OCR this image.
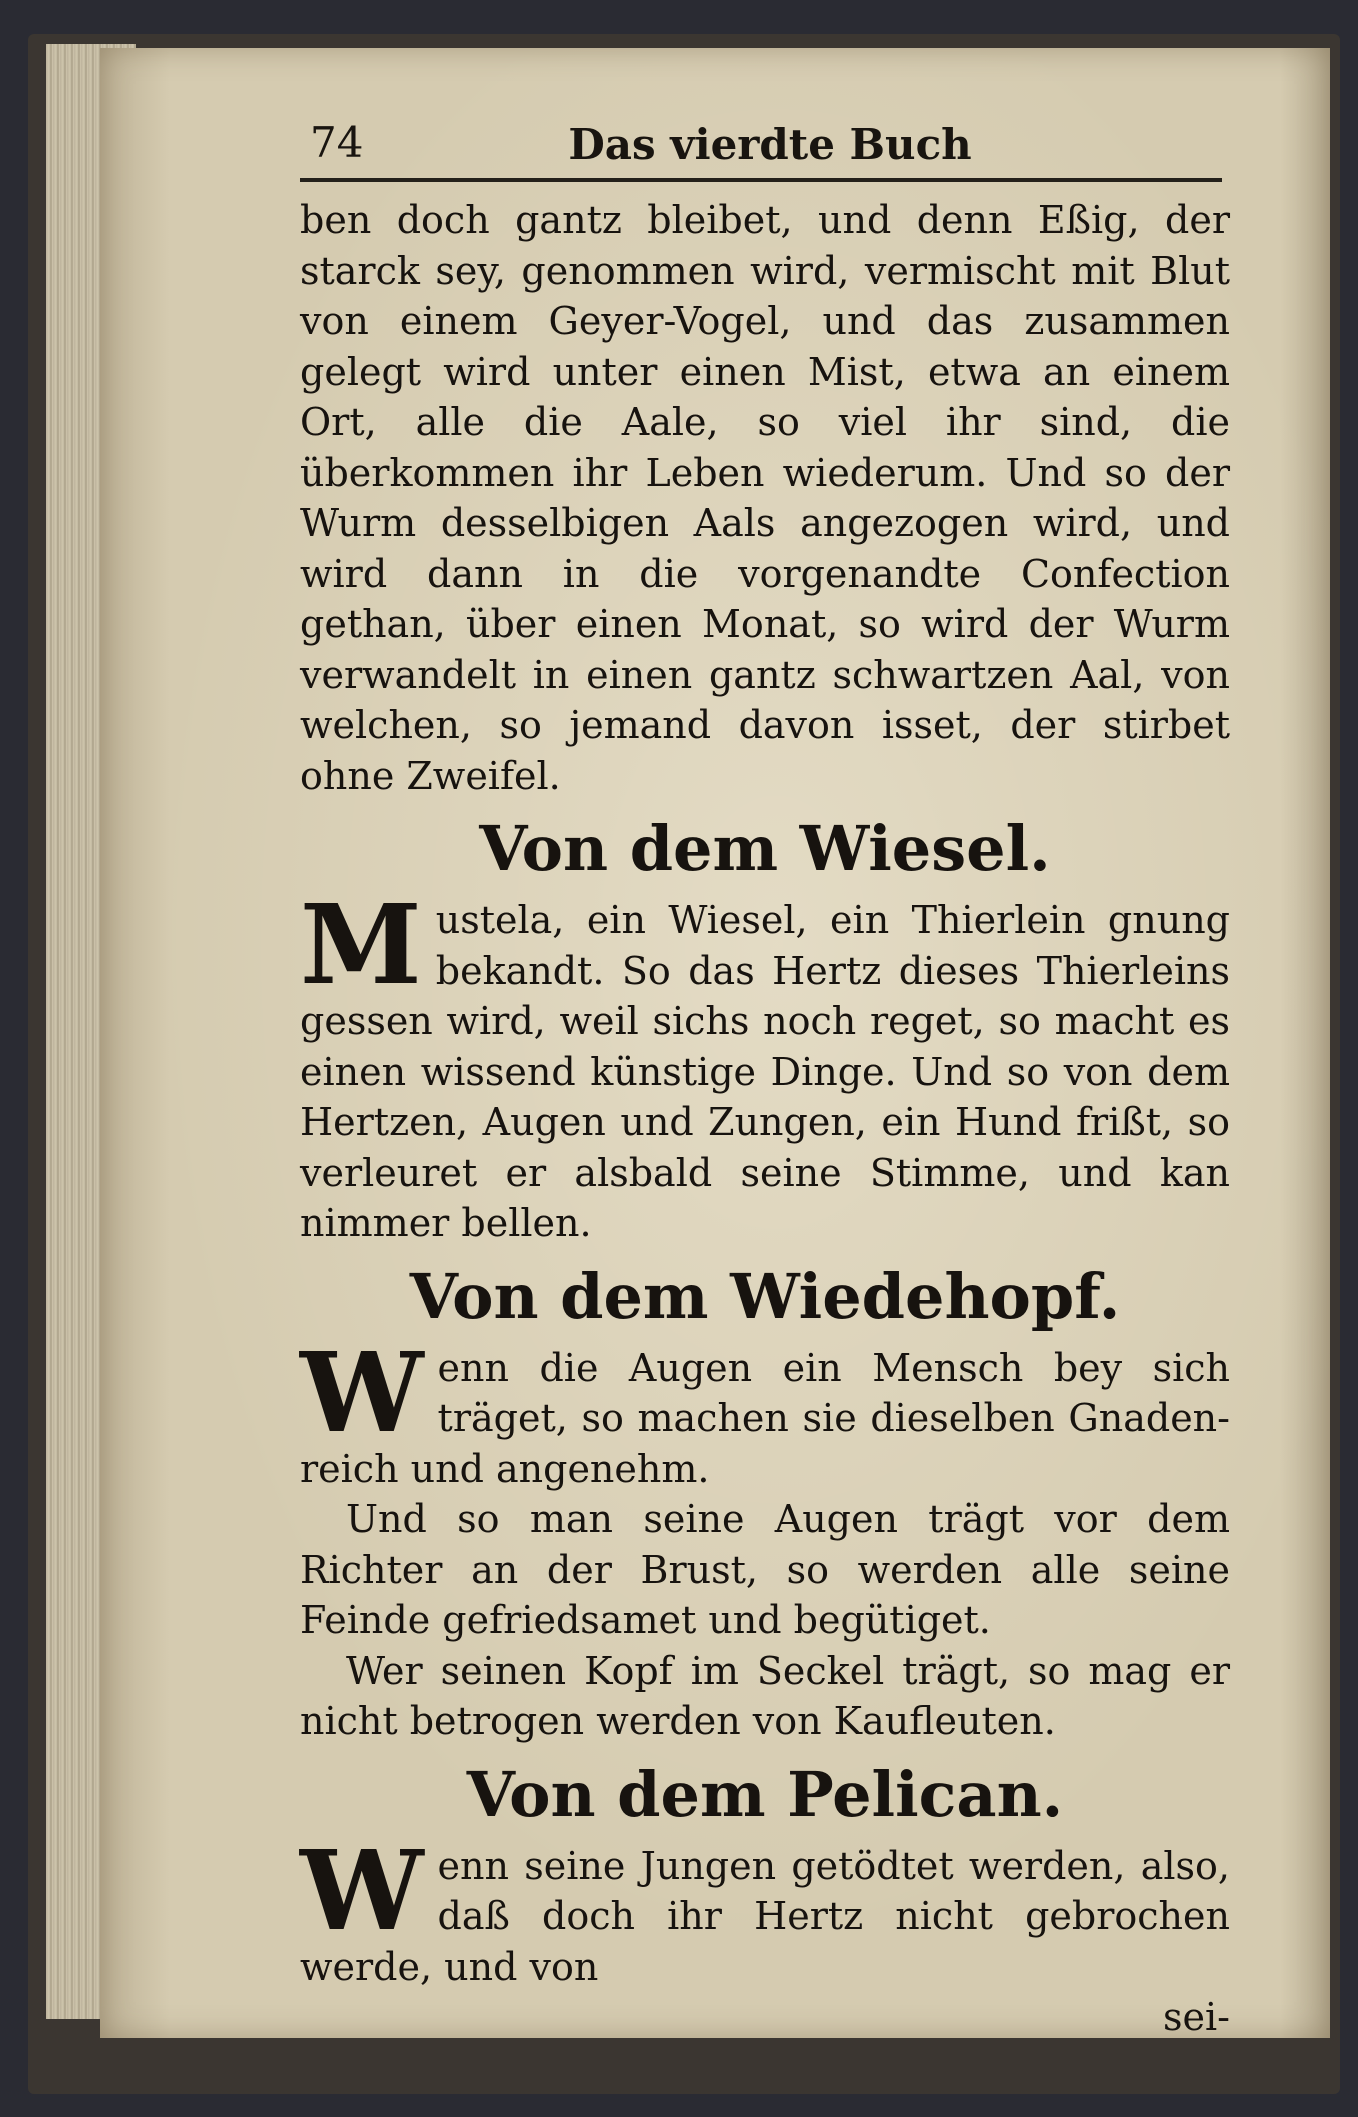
74	Das vierdte Buch

ben doch gantz bleibet, und denn Eßig, der starck sey, genommen wird, vermischt mit Blut von einem Geyer-Vogel, und das zusammen gelegt wird unter einen Mist, etwa an einem Ort, alle die Aale, so viel ihr sind, die überkommen ihr Leben wiederum. Und so der Wurm desselbigen Aals angezogen wird, und wird dann in die vorgenandte Confection gethan, über einen Monat, so wird der Wurm verwandelt in einen gantz schwartzen Aal, von welchen, so jemand davon isset, der stirbet ohne Zweifel.

Von dem Wiesel.

M ustela, ein Wiesel, ein Thierlein gnung bekandt. So das Hertz dieses Thierleins gessen wird, weil sichs noch reget, so macht es einen wissend künstige Dinge. Und so von dem Hertzen, Augen und Zungen, ein Hund frißt, so verleuret er alsbald seine Stimme, und kan nimmer bellen.

Von dem Wiedehopf.

W enn die Augen ein Mensch bey sich träget, so machen sie dieselben Gnaden-reich und angenehm.

Und so man seine Augen trägt vor dem Richter an der Brust, so werden alle seine Feinde gefriedsamet und begütiget.

Wer seinen Kopf im Seckel trägt, so mag er nicht betrogen werden von Kaufleuten.

Von dem Pelican.

W enn seine Jungen getödtet werden, also, daß doch ihr Hertz nicht gebrochen werde, und von

sei-
